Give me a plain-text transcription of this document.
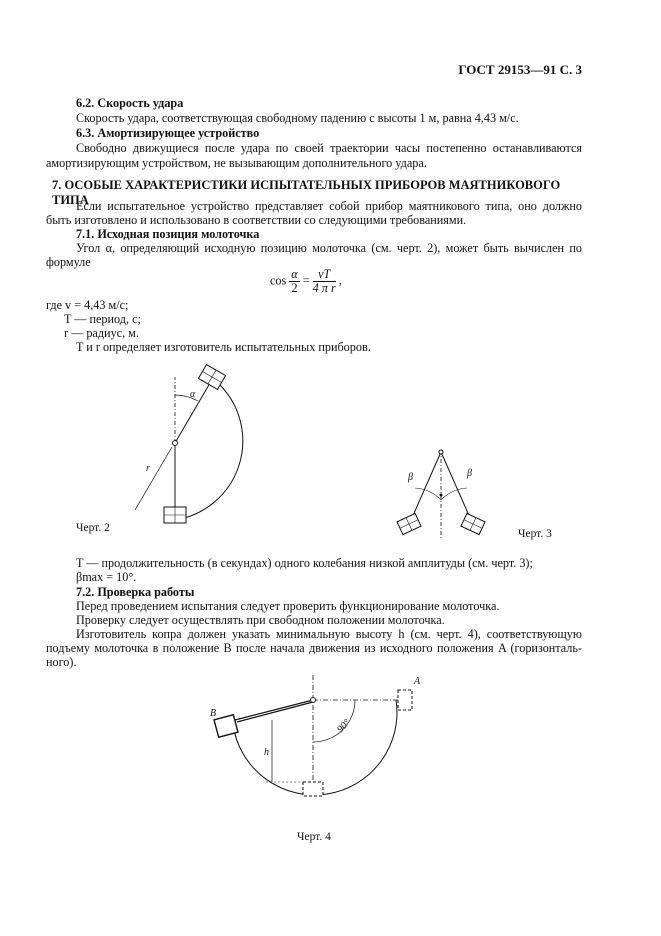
ГОСТ 29153—91 С. 3
6.2. Скорость удара
Скорость удара, соответствующая свободному падению с высоты 1 м, равна 4,43 м/с.
6.3. Амортизирующее устройство
Свободно движущиеся после удара по своей траектории часы постепенно останавливаются
амортизирующим устройством, не вызывающим дополнительного удара.
7. ОСОБЫЕ ХАРАКТЕРИСТИКИ ИСПЫТАТЕЛЬНЫХ ПРИБОРОВ МАЯТНИКОВОГО ТИПА
Если испытательное устройство представляет собой прибор маятникового типа, оно должно
быть изготовлено и использовано в соответствии со следующими требованиями.
7.1. Исходная позиция молоточка
Угол α, определяющий исходную позицию молоточка (см. черт. 2), может быть вычислен по
формуле
$\cos \frac{\alpha}{2} = \frac{vT}{\text{4 π r}}$ ,
где v = 4,43 м/с;
T — период, с;
r — радиус, м.
T и r определяет изготовитель испытательных приборов.
α
r
Черт. 2
β	β
Черт. 3
T — продолжительность (в секундах) одного колебания низкой амплитуды (см. черт. 3);
βmax = 10°.
7.2. Проверка работы
Перед проведением испытания следует проверить функционирование молоточка.
Проверку следует осуществлять при свободном положении молоточка.
Изготовитель копра должен указать минимальную высоту h (см. черт. 4), соответствующую
подъему молоточка в положение B после начала движения из исходного положения A (горизонталь-
ного).
h
B
A
90°
Черт. 4
